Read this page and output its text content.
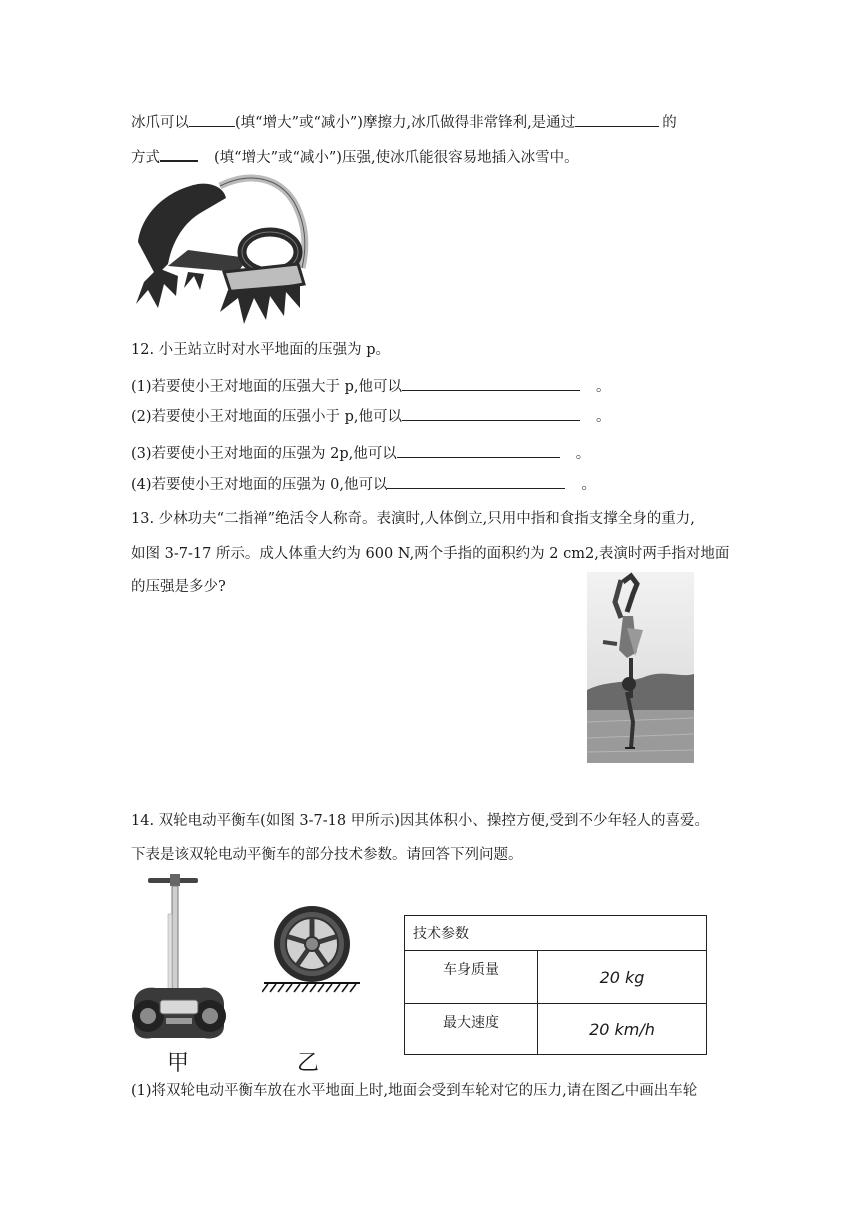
冰爪可以	(填“增大”或“减小”)摩擦力,冰爪做得非常锋利,是通过	的
方式	(填“增大”或“减小”)压强,使冰爪能很容易地插入冰雪中。
12. 小王站立时对水平地面的压强为 p。
(1)若要使小王对地面的压强大于 p,他可以	。
(2)若要使小王对地面的压强小于 p,他可以	。
(3)若要使小王对地面的压强为 2p,他可以	。
(4)若要使小王对地面的压强为 0,他可以	。
13. 少林功夫“二指禅”绝活令人称奇。表演时,人体倒立,只用中指和食指支撑全身的重力,
如图 3-7-17 所示。成人体重大约为 600 N,两个手指的面积约为 2 cm2,表演时两手指对地面
的压强是多少?
14. 双轮电动平衡车(如图 3-7-18 甲所示)因其体积小、操控方便,受到不少年轻人的喜爱。
下表是该双轮电动平衡车的部分技术参数。请回答下列问题。
甲	乙
技术参数	
车身质量	20 kg
最大速度	20 km/h
(1)将双轮电动平衡车放在水平地面上时,地面会受到车轮对它的压力,请在图乙中画出车轮
